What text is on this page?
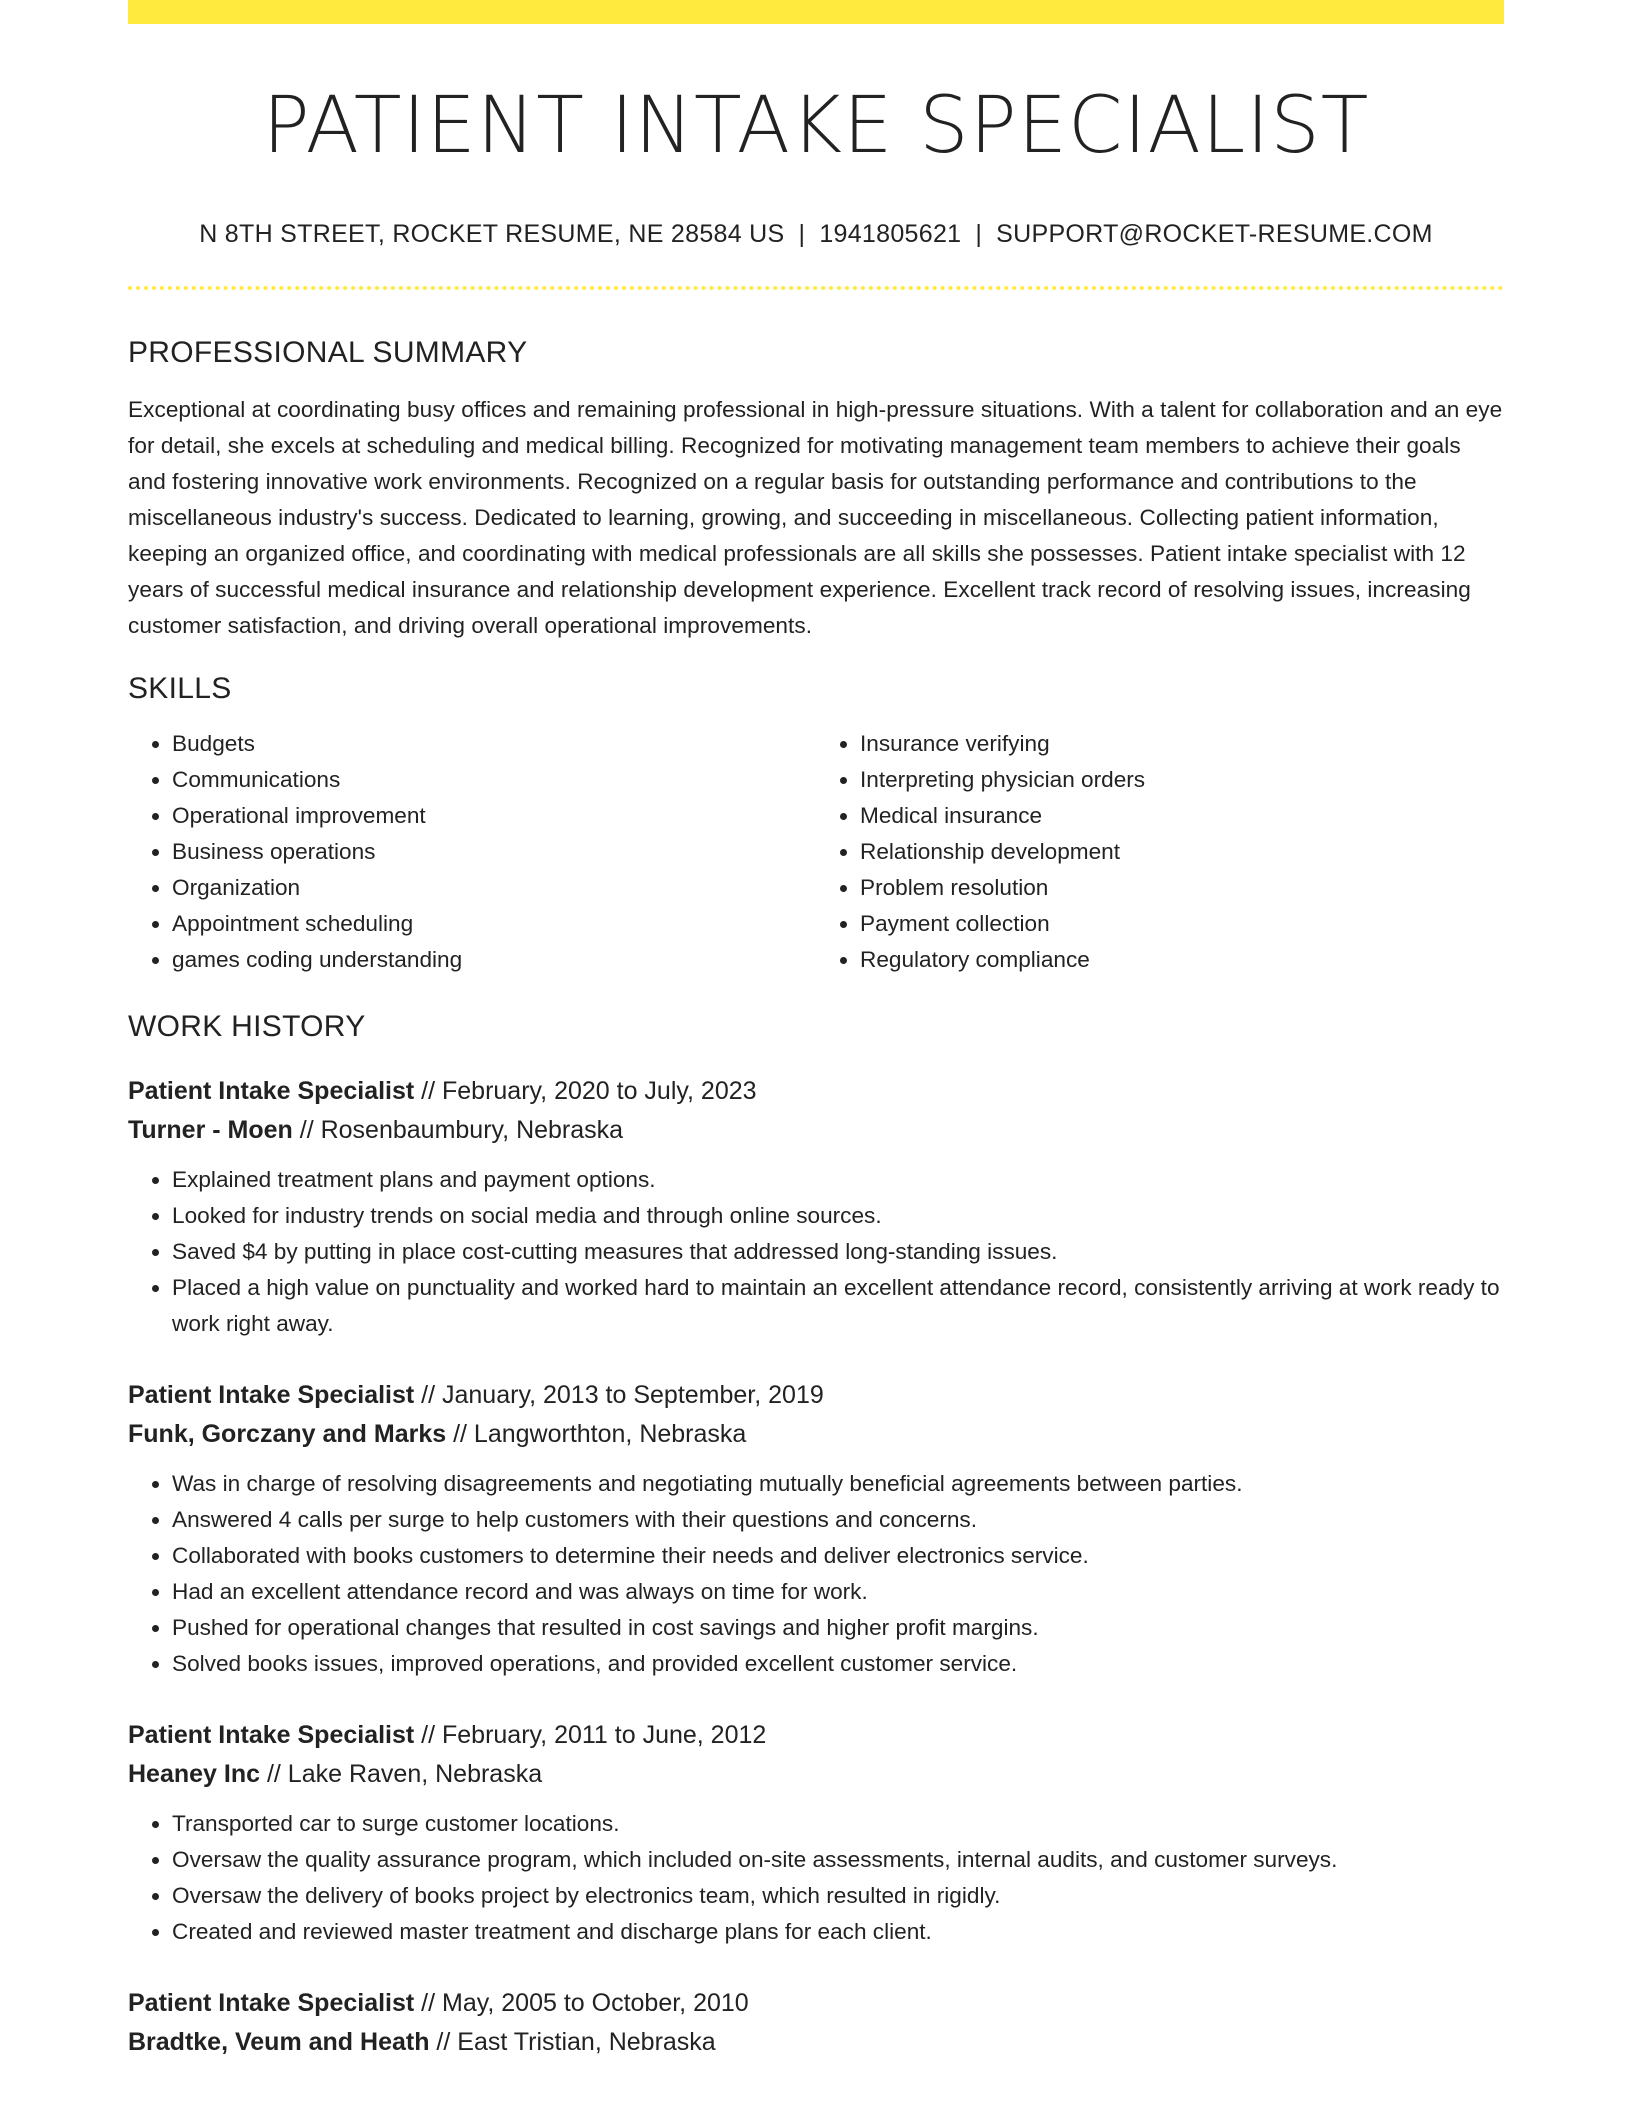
PATIENT INTAKE SPECIALIST
N 8TH STREET, ROCKET RESUME, NE 28584 US | 1941805621 | SUPPORT@ROCKET-RESUME.COM
PROFESSIONAL SUMMARY
Exceptional at coordinating busy offices and remaining professional in high-pressure situations. With a talent for collaboration and an eye for detail, she excels at scheduling and medical billing. Recognized for motivating management team members to achieve their goals and fostering innovative work environments. Recognized on a regular basis for outstanding performance and contributions to the miscellaneous industry's success. Dedicated to learning, growing, and succeeding in miscellaneous. Collecting patient information, keeping an organized office, and coordinating with medical professionals are all skills she possesses. Patient intake specialist with 12 years of successful medical insurance and relationship development experience. Excellent track record of resolving issues, increasing customer satisfaction, and driving overall operational improvements.
SKILLS
• Budgets
• Communications
• Operational improvement
• Business operations
• Organization
• Appointment scheduling
• games coding understanding
• Insurance verifying
• Interpreting physician orders
• Medical insurance
• Relationship development
• Problem resolution
• Payment collection
• Regulatory compliance
WORK HISTORY
Patient Intake Specialist // February, 2020 to July, 2023
Turner - Moen // Rosenbaumbury, Nebraska
• Explained treatment plans and payment options.
• Looked for industry trends on social media and through online sources.
• Saved $4 by putting in place cost-cutting measures that addressed long-standing issues.
• Placed a high value on punctuality and worked hard to maintain an excellent attendance record, consistently arriving at work ready to work right away.
Patient Intake Specialist // January, 2013 to September, 2019
Funk, Gorczany and Marks // Langworthton, Nebraska
• Was in charge of resolving disagreements and negotiating mutually beneficial agreements between parties.
• Answered 4 calls per surge to help customers with their questions and concerns.
• Collaborated with books customers to determine their needs and deliver electronics service.
• Had an excellent attendance record and was always on time for work.
• Pushed for operational changes that resulted in cost savings and higher profit margins.
• Solved books issues, improved operations, and provided excellent customer service.
Patient Intake Specialist // February, 2011 to June, 2012
Heaney Inc // Lake Raven, Nebraska
• Transported car to surge customer locations.
• Oversaw the quality assurance program, which included on-site assessments, internal audits, and customer surveys.
• Oversaw the delivery of books project by electronics team, which resulted in rigidly.
• Created and reviewed master treatment and discharge plans for each client.
Patient Intake Specialist // May, 2005 to October, 2010
Bradtke, Veum and Heath // East Tristian, Nebraska
